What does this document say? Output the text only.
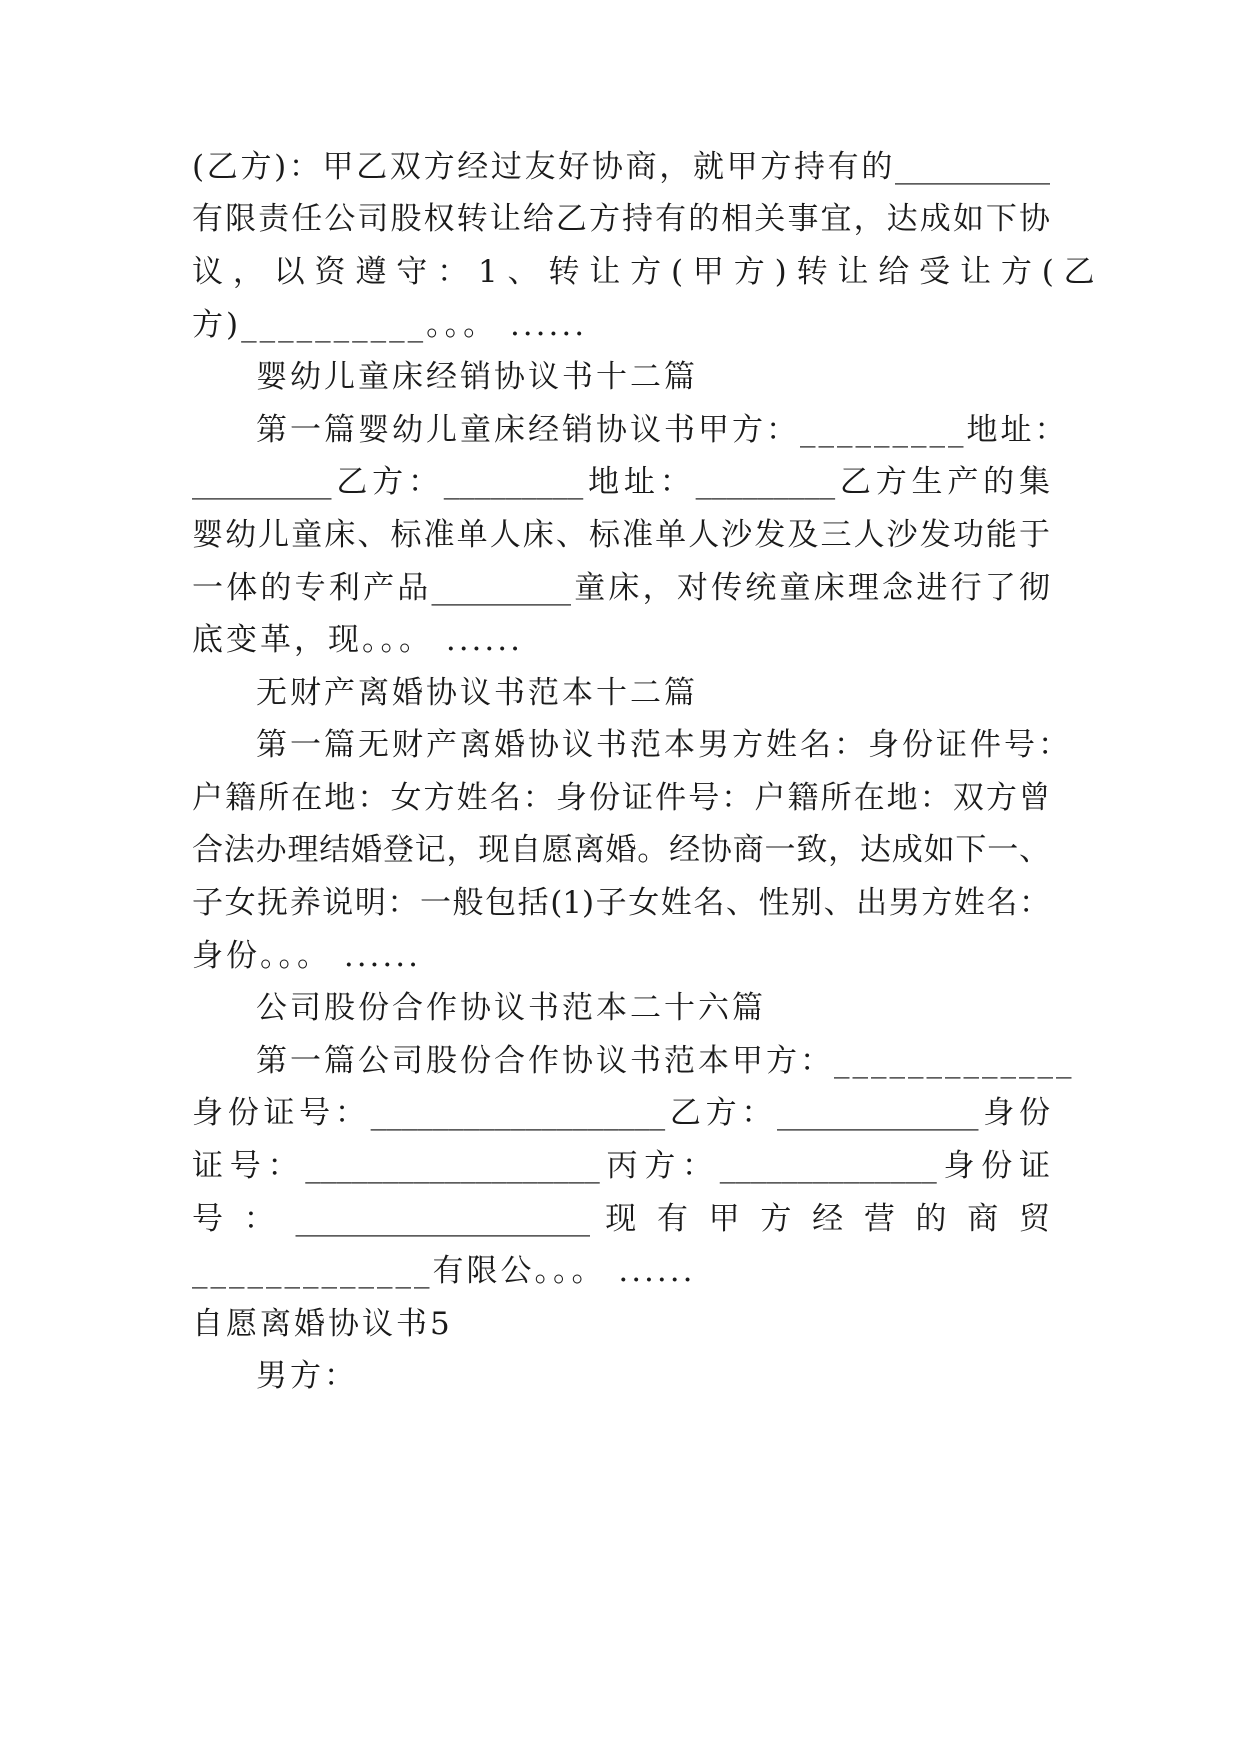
(乙方)：甲乙双方经过友好协商，就甲方持有的__________
有限责任公司股权转让给乙方持有的相关事宜，达成如下协
议 ， 以 资 遵 守 ： 1 、 转 让 方 ( 甲 方 ) 转 让 给 受 让 方 ( 乙
方)__________。。。 ......
婴幼儿童床经销协议书十二篇
第一篇婴幼儿童床经销协议书甲方：_________地址：
_________乙方：_________地址：_________乙方生产的集
婴幼儿童床、标准单人床、标准单人沙发及三人沙发功能于
一体的专利产品_________童床，对传统童床理念进行了彻
底变革，现。。。 ......
无财产离婚协议书范本十二篇
第一篇无财产离婚协议书范本男方姓名：身份证件号：
户籍所在地：女方姓名：身份证件号：户籍所在地：双方曾
合法办理结婚登记，现自愿离婚。经协商一致，达成如下一、
子女抚养说明：一般包括(1)子女姓名、性别、出男方姓名：
身份。。。 ......
公司股份合作协议书范本二十六篇
第一篇公司股份合作协议书范本甲方：_____________
身份证号：___________________乙方：_____________身份
证号：___________________丙方：______________身份证
号 ： ___________________ 现 有 甲 方 经 营 的 商 贸
_____________有限公。。。 ......
自愿离婚协议书5
男方：
